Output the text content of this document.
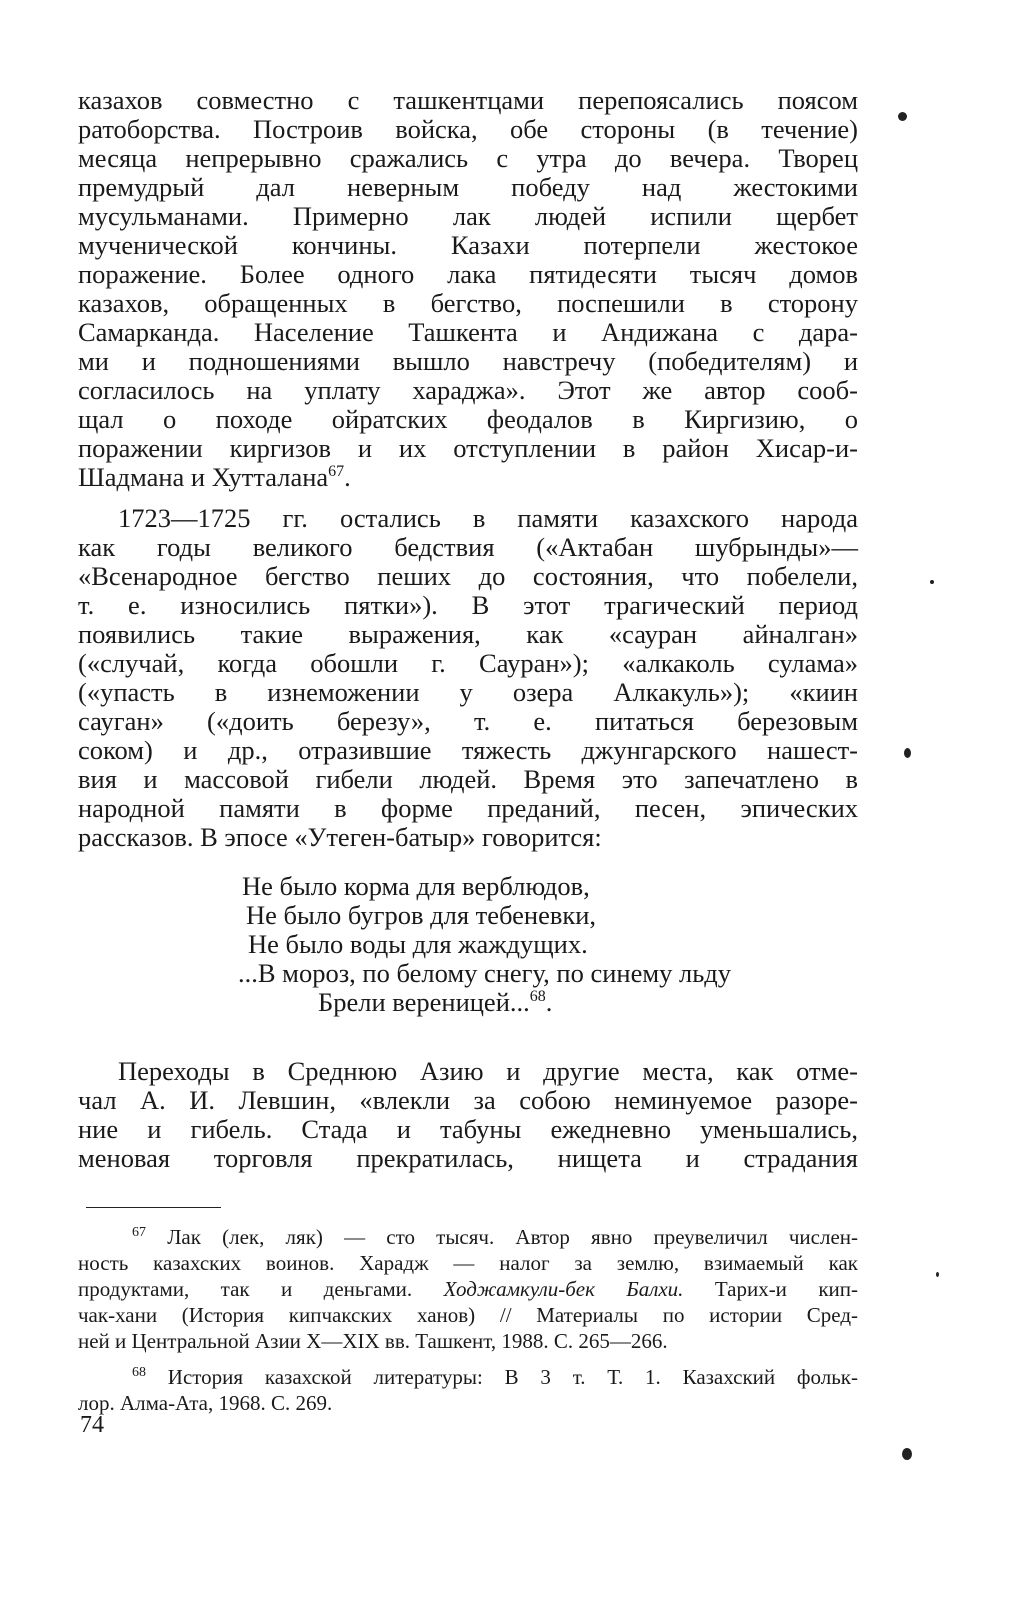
казахов совместно с ташкентцами перепоясались поясом
ратоборства. Построив войска, обе стороны (в течение)
месяца непрерывно сражались с утра до вечера. Творец
премудрый дал неверным победу над жестокими
мусульманами. Примерно лак людей испили щербет
мученической кончины. Казахи потерпели жестокое
поражение. Более одного лака пятидесяти тысяч домов
казахов, обращенных в бегство, поспешили в сторону
Самарканда. Население Ташкента и Андижана с дара-
ми и подношениями вышло навстречу (победителям) и
согласилось на уплату хараджа». Этот же автор сооб-
щал о походе ойратских феодалов в Киргизию, о
поражении киргизов и их отступлении в район Хисар-и-
Шадмана и Хутталана$^{67}$.
1723—1725 гг. остались в памяти казахского народа
как годы великого бедствия («Актабан шубрынды»—
«Всенародное бегство пеших до состояния, что побелели,
т. е. износились пятки»). В этот трагический период
появились такие выражения, как «сауран айналган»
(«случай, когда обошли г. Сауран»); «алкаколь сулама»
(«упасть в изнеможении у озера Алкакуль»); «киин
сауган» («доить березу», т. е. питаться березовым
соком) и др., отразившие тяжесть джунгарского нашест-
вия и массовой гибели людей. Время это запечатлено в
народной памяти в форме преданий, песен, эпических
рассказов. В эпосе «Утеген-батыр» говорится:
Не было корма для верблюдов,
Не было бугров для тебеневки,
Не было воды для жаждущих.
...В мороз, по белому снегу, по синему льду
Брели вереницей...$^{68}$.
Переходы в Среднюю Азию и другие места, как отме-
чал А. И. Левшин, «влекли за собою неминуемое разоре-
ние и гибель. Стада и табуны ежедневно уменьшались,
меновая торговля прекратилась, нищета и страдания
$^{67}$ Лак (лек, ляк) — сто тысяч. Автор явно преувеличил числен-
ность казахских воинов. Харадж — налог за землю, взимаемый как
продуктами, так и деньгами. Ходжамкули-бек Балхи. Тарих-и кип-
чак-хани (История кипчакских ханов) // Материалы по истории Сред-
ней и Центральной Азии X—XIX вв. Ташкент, 1988. С. 265—266.
$^{68}$ История казахской литературы: В 3 т. Т. 1. Казахский фольк-
лор. Алма-Ата, 1968. С. 269.
74
